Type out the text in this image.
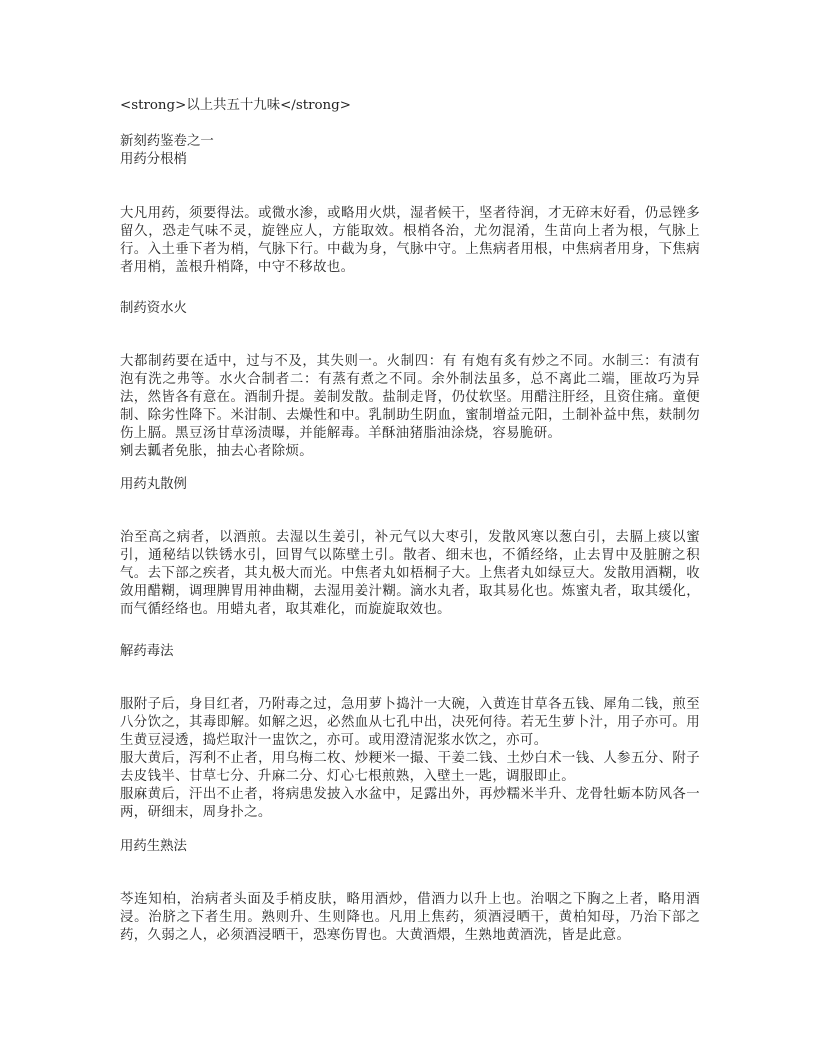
<strong>以上共五十九味</strong>
新刻药鉴卷之一
用药分根梢
大凡用药，须要得法。或微水渗，或略用火烘，湿者候干，坚者待润，才无碎末好看，仍忌锉多留久，恐走气味不灵，旋锉应人，方能取效。根梢各治，尤勿混淆，生苗向上者为根，气脉上行。入土垂下者为梢，气脉下行。中截为身，气脉中守。上焦病者用根，中焦病者用身，下焦病者用梢，盖根升梢降，中守不移故也。
制药资水火
大都制药要在适中，过与不及，其失则一。火制四：有 有炮有炙有炒之不同。水制三：有渍有泡有洗之弗等。水火合制者二：有蒸有煮之不同。余外制法虽多，总不离此二端，匪故巧为异法，然皆各有意在。酒制升提。姜制发散。盐制走肾，仍仗软坚。用醋注肝经，且资住痛。童便制、除劣性降下。米泔制、去燥性和中。乳制助生阴血，蜜制增益元阳，土制补益中焦，麸制勿伤上膈。黑豆汤甘草汤渍曝，并能解毒。羊酥油猪脂油涂烧，容易脆研。
剜去瓤者免胀，抽去心者除烦。
用药丸散例
治至高之病者，以酒煎。去湿以生姜引，补元气以大枣引，发散风寒以葱白引，去膈上痰以蜜引，通秘结以铁锈水引，回胃气以陈壁土引。散者、细末也，不循经络，止去胃中及脏腑之积气。去下部之疾者，其丸极大而光。中焦者丸如梧桐子大。上焦者丸如绿豆大。发散用酒糊，收敛用醋糊，调理脾胃用神曲糊，去湿用姜汁糊。滴水丸者，取其易化也。炼蜜丸者，取其缓化，而气循经络也。用蜡丸者，取其难化，而旋旋取效也。
解药毒法
服附子后，身目红者，乃附毒之过，急用萝卜捣汁一大碗，入黄连甘草各五钱、犀角二钱，煎至八分饮之，其毒即解。如解之迟，必然血从七孔中出，决死何待。若无生萝卜汁，用子亦可。用生黄豆浸透，捣烂取汁一盅饮之，亦可。或用澄清泥浆水饮之，亦可。
服大黄后，泻利不止者，用乌梅二枚、炒粳米一撮、干姜二钱、土炒白术一钱、人参五分、附子去皮钱半、甘草七分、升麻二分、灯心七根煎熟，入壁土一匙，调服即止。
服麻黄后，汗出不止者，将病患发披入水盆中，足露出外，再炒糯米半升、龙骨牡蛎本防风各一两，研细末，周身扑之。
用药生熟法
芩连知柏，治病者头面及手梢皮肤，略用酒炒，借酒力以升上也。治咽之下胸之上者，略用酒浸。治脐之下者生用。熟则升、生则降也。凡用上焦药，须酒浸晒干，黄柏知母，乃治下部之药，久弱之人，必须酒浸晒干，恐寒伤胃也。大黄酒煨，生熟地黄酒洗，皆是此意。
